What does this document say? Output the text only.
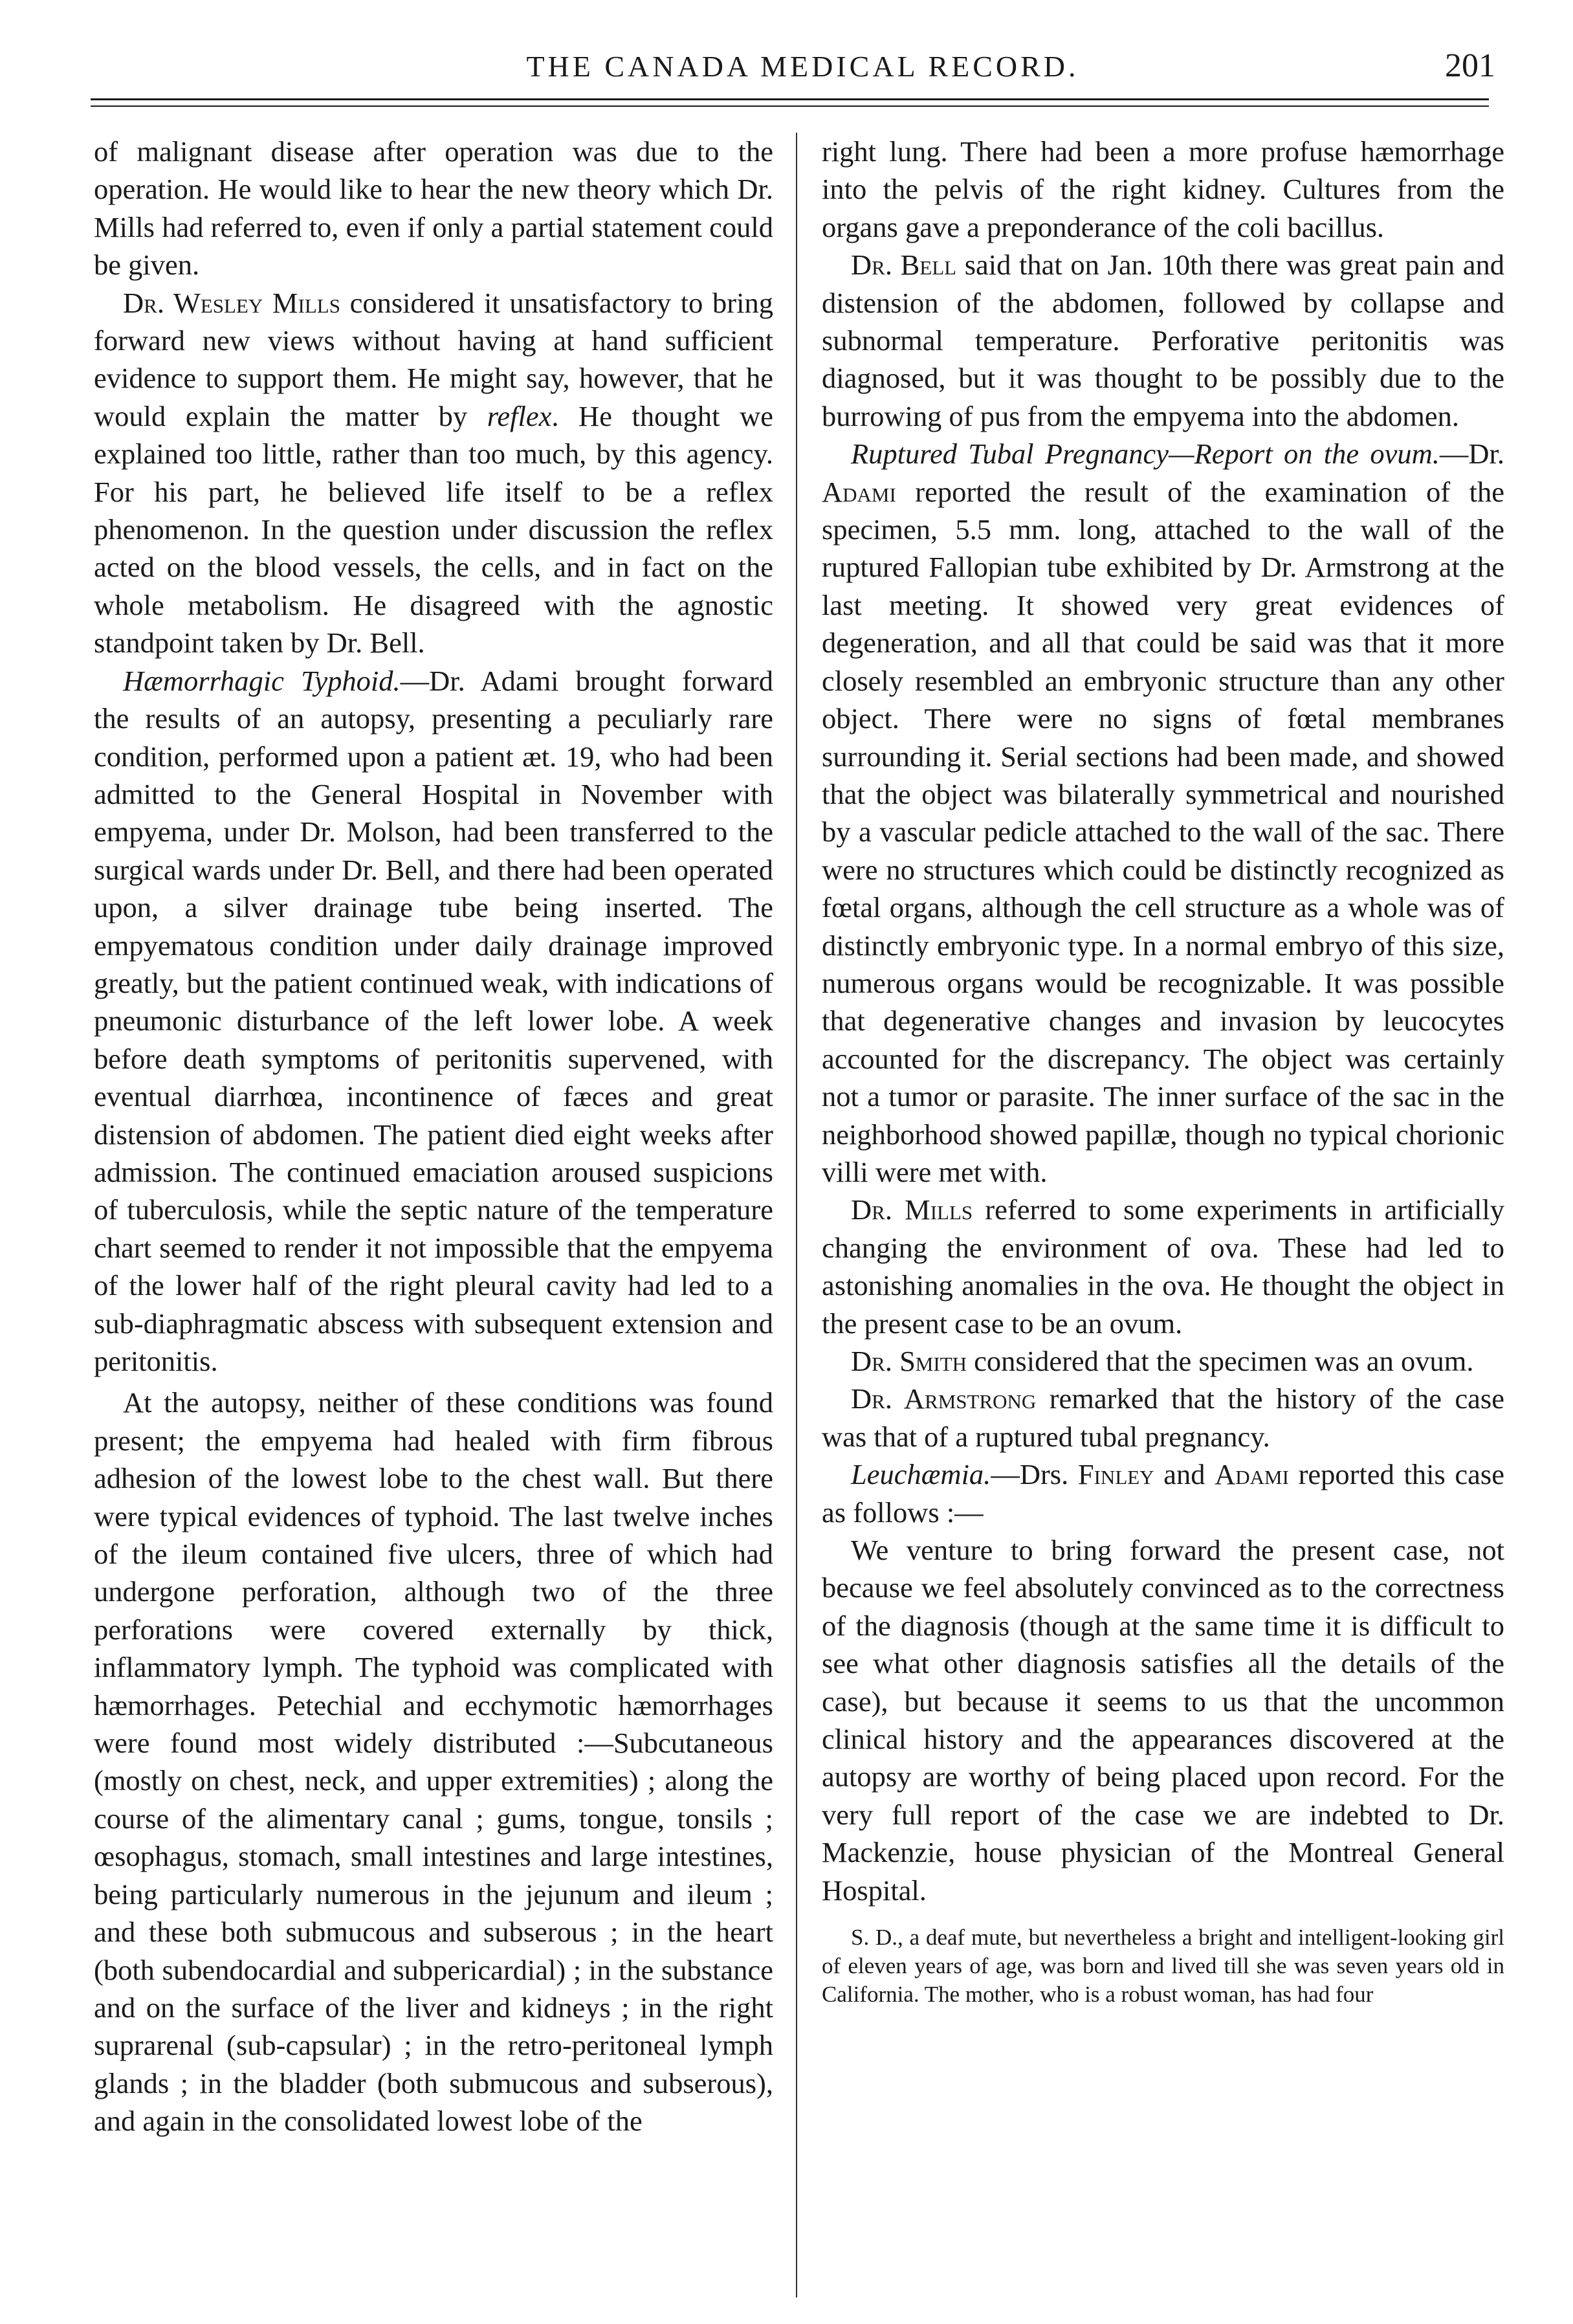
THE CANADA MEDICAL RECORD.	201

of malignant disease after operation was due to the operation. He would like to hear the new theory which Dr. Mills had referred to, even if only a partial statement could be given.

Dr. Wesley Mills considered it unsatisfactory to bring forward new views without having at hand sufficient evidence to support them. He might say, however, that he would explain the matter by reflex. He thought we explained too little, rather than too much, by this agency. For his part, he believed life itself to be a reflex phenomenon. In the question under discussion the reflex acted on the blood vessels, the cells, and in fact on the whole metabolism. He disagreed with the agnostic standpoint taken by Dr. Bell.

Hæmorrhagic Typhoid.—Dr. Adami brought forward the results of an autopsy, presenting a peculiarly rare condition, performed upon a patient æt. 19, who had been admitted to the General Hospital in November with empyema, under Dr. Molson, had been transferred to the surgical wards under Dr. Bell, and there had been operated upon, a silver drainage tube being inserted. The empyematous condition under daily drainage improved greatly, but the patient continued weak, with indications of pneumonic disturbance of the left lower lobe. A week before death symptoms of peritonitis supervened, with eventual diarrhœa, incontinence of fæces and great distension of abdomen. The patient died eight weeks after admission. The continued emaciation aroused suspicions of tuberculosis, while the septic nature of the temperature chart seemed to render it not impossible that the empyema of the lower half of the right pleural cavity had led to a sub-diaphragmatic abscess with subsequent extension and peritonitis.

At the autopsy, neither of these conditions was found present; the empyema had healed with firm fibrous adhesion of the lowest lobe to the chest wall. But there were typical evidences of typhoid. The last twelve inches of the ileum contained five ulcers, three of which had undergone perforation, although two of the three perforations were covered externally by thick, inflammatory lymph. The typhoid was complicated with hæmorrhages. Petechial and ecchymotic hæmorrhages were found most widely distributed :—Subcutaneous (mostly on chest, neck, and upper extremities) ; along the course of the alimentary canal ; gums, tongue, tonsils ; œsophagus, stomach, small intestines and large intestines, being particularly numerous in the jejunum and ileum ; and these both submucous and subserous ; in the heart (both subendocardial and subpericardial) ; in the substance and on the surface of the liver and kidneys ; in the right suprarenal (sub-capsular) ; in the retro-peritoneal lymph glands ; in the bladder (both submucous and subserous), and again in the consolidated lowest lobe of the

right lung. There had been a more profuse hæmorrhage into the pelvis of the right kidney. Cultures from the organs gave a preponderance of the coli bacillus.

Dr. Bell said that on Jan. 10th there was great pain and distension of the abdomen, followed by collapse and subnormal temperature. Perforative peritonitis was diagnosed, but it was thought to be possibly due to the burrowing of pus from the empyema into the abdomen.

Ruptured Tubal Pregnancy—Report on the ovum.—Dr. Adami reported the result of the examination of the specimen, 5.5 mm. long, attached to the wall of the ruptured Fallopian tube exhibited by Dr. Armstrong at the last meeting. It showed very great evidences of degeneration, and all that could be said was that it more closely resembled an embryonic structure than any other object. There were no signs of fœtal membranes surrounding it. Serial sections had been made, and showed that the object was bilaterally symmetrical and nourished by a vascular pedicle attached to the wall of the sac. There were no structures which could be distinctly recognized as fœtal organs, although the cell structure as a whole was of distinctly embryonic type. In a normal embryo of this size, numerous organs would be recognizable. It was possible that degenerative changes and invasion by leucocytes accounted for the discrepancy. The object was certainly not a tumor or parasite. The inner surface of the sac in the neighborhood showed papillæ, though no typical chorionic villi were met with.

Dr. Mills referred to some experiments in artificially changing the environment of ova. These had led to astonishing anomalies in the ova. He thought the object in the present case to be an ovum.

Dr. Smith considered that the specimen was an ovum.

Dr. Armstrong remarked that the history of the case was that of a ruptured tubal pregnancy.

Leuchæmia.—Drs. Finley and Adami reported this case as follows :—

We venture to bring forward the present case, not because we feel absolutely convinced as to the correctness of the diagnosis (though at the same time it is difficult to see what other diagnosis satisfies all the details of the case), but because it seems to us that the uncommon clinical history and the appearances discovered at the autopsy are worthy of being placed upon record. For the very full report of the case we are indebted to Dr. Mackenzie, house physician of the Montreal General Hospital.

S. D., a deaf mute, but nevertheless a bright and intelligent-looking girl of eleven years of age, was born and lived till she was seven years old in California. The mother, who is a robust woman, has had four
